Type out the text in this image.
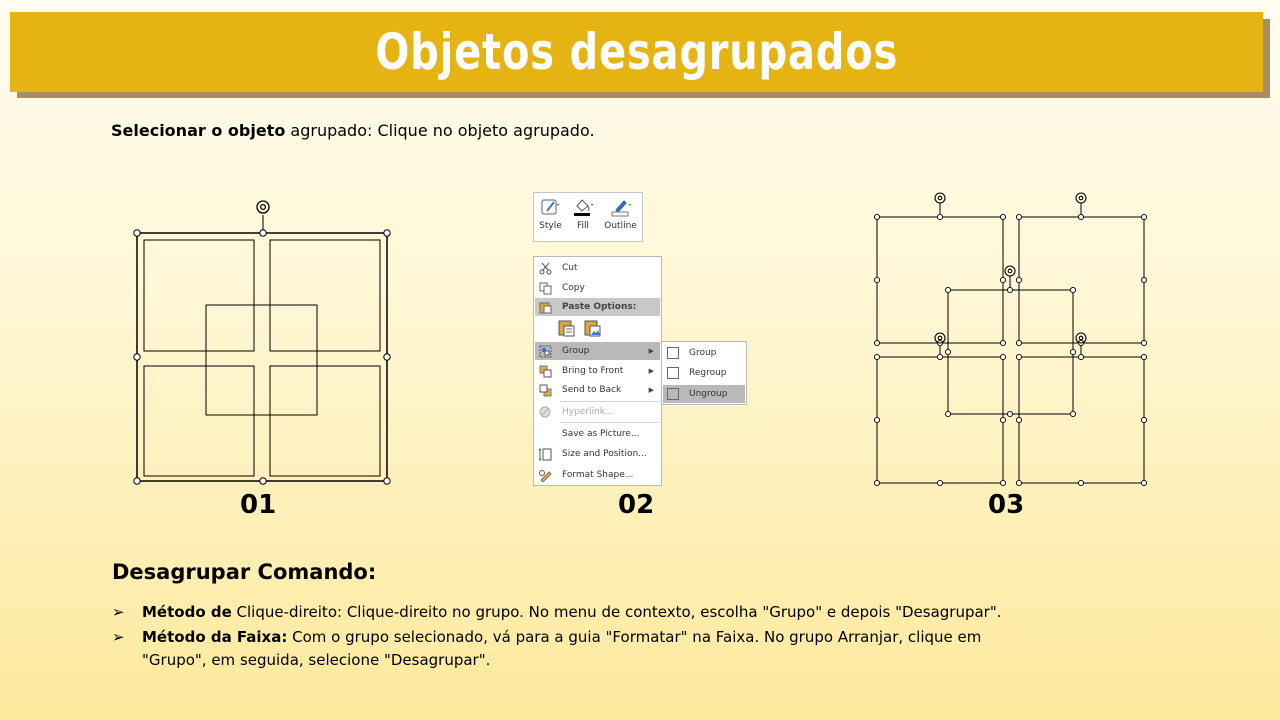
Objetos desagrupados
Selecionar o objeto agrupado: Clique no objeto agrupado.
01
Style Fill Outline
Cut
Copy
Paste Options:
Group	▶
Bring to Front	▶
Send to Back	▶
Hyperlink...
Save as Picture...
Size and Position...
Format Shape...
Group
Regroup
Ungroup
02	03
Desagrupar Comando:
➢ Método de Clique-direito: Clique-direito no grupo. No menu de contexto, escolha "Grupo" e depois "Desagrupar".
➢ Método da Faixa: Com o grupo selecionado, vá para a guia "Formatar" na Faixa. No grupo Arranjar, clique em "Grupo", em seguida, selecione "Desagrupar".
